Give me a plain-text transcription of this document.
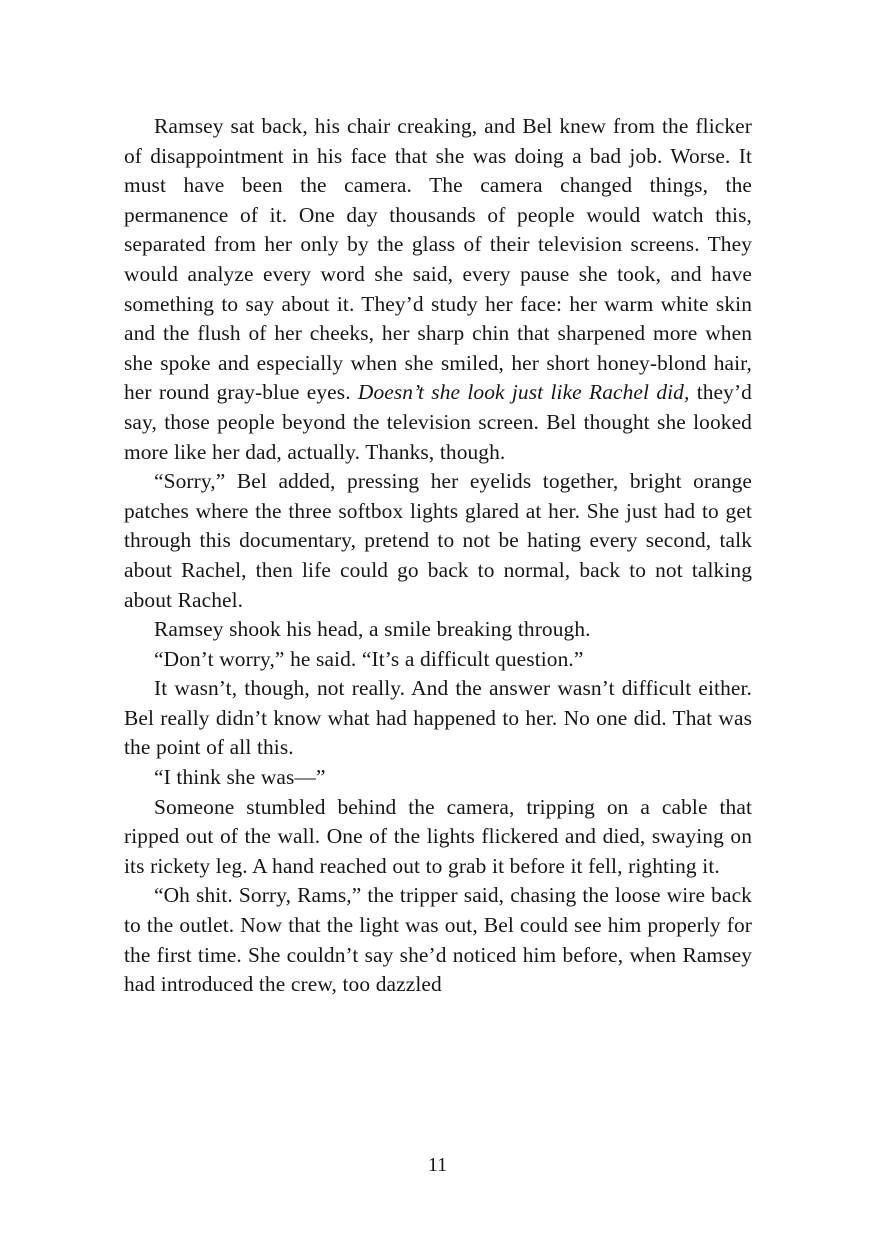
Ramsey sat back, his chair creaking, and Bel knew from the flicker of disappointment in his face that she was doing a bad job. Worse. It must have been the camera. The camera changed things, the permanence of it. One day thousands of people would watch this, separated from her only by the glass of their television screens. They would analyze every word she said, every pause she took, and have something to say about it. They’d study her face: her warm white skin and the flush of her cheeks, her sharp chin that sharpened more when she spoke and especially when she smiled, her short honey-blond hair, her round gray-blue eyes. Doesn’t she look just like Rachel did, they’d say, those people beyond the television screen. Bel thought she looked more like her dad, actually. Thanks, though.

“Sorry,” Bel added, pressing her eyelids together, bright orange patches where the three softbox lights glared at her. She just had to get through this documentary, pretend to not be hating every second, talk about Rachel, then life could go back to normal, back to not talking about Rachel.

Ramsey shook his head, a smile breaking through.

“Don’t worry,” he said. “It’s a difficult question.”

It wasn’t, though, not really. And the answer wasn’t difficult either. Bel really didn’t know what had happened to her. No one did. That was the point of all this.

“I think she was—”

Someone stumbled behind the camera, tripping on a cable that ripped out of the wall. One of the lights flickered and died, swaying on its rickety leg. A hand reached out to grab it before it fell, righting it.

“Oh shit. Sorry, Rams,” the tripper said, chasing the loose wire back to the outlet. Now that the light was out, Bel could see him properly for the first time. She couldn’t say she’d noticed him before, when Ramsey had introduced the crew, too dazzled

11
